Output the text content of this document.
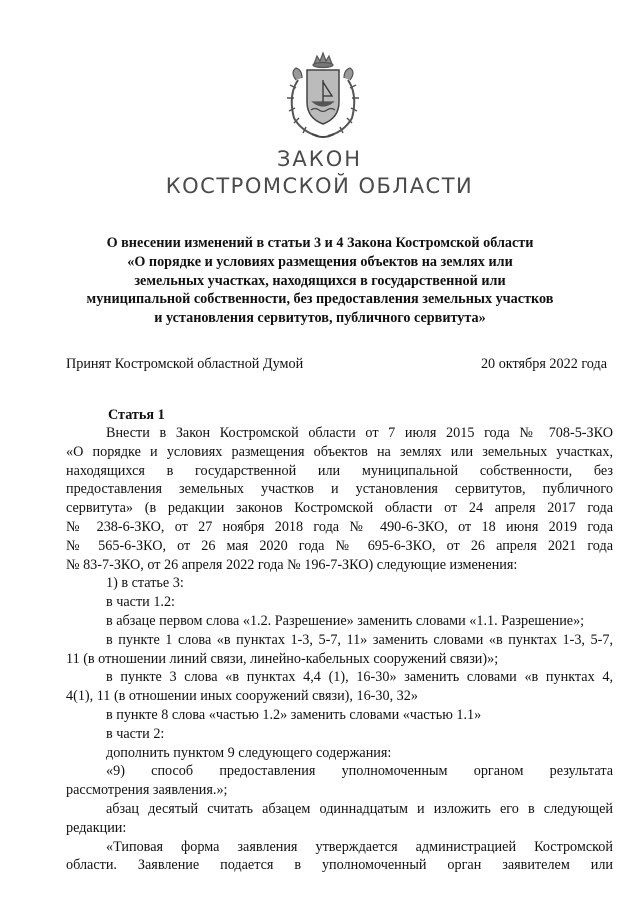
ЗАКОН
КОСТРОМСКОЙ ОБЛАСТИ
О внесении изменений в статьи 3 и 4 Закона Костромской области
«О порядке и условиях размещения объектов на землях или
земельных участках, находящихся в государственной или
муниципальной собственности, без предоставления земельных участков
и установления сервитутов, публичного сервитута»
Принят Костромской областной Думой	20 октября 2022 года
Статья 1
Внести в Закон Костромской области от 7 июля 2015 года № 708-5-ЗКО
«О порядке и условиях размещения объектов на землях или земельных участках,
находящихся в государственной или муниципальной собственности, без
предоставления земельных участков и установления сервитутов, публичного
сервитута» (в редакции законов Костромской области от 24 апреля 2017 года
№ 238-6-ЗКО, от 27 ноября 2018 года № 490-6-ЗКО, от 18 июня 2019 года
№ 565-6-ЗКО, от 26 мая 2020 года № 695-6-ЗКО, от 26 апреля 2021 года
№ 83-7-ЗКО, от 26 апреля 2022 года № 196-7-ЗКО) следующие изменения:
1) в статье 3:
в части 1.2:
в абзаце первом слова «1.2. Разрешение» заменить словами «1.1. Разрешение»;
в пункте 1 слова «в пунктах 1-3, 5-7, 11» заменить словами «в пунктах 1-3, 5-7,
11 (в отношении линий связи, линейно-кабельных сооружений связи)»;
в пункте 3 слова «в пунктах 4,4 (1), 16-30» заменить словами «в пунктах 4,
4(1), 11 (в отношении иных сооружений связи), 16-30, 32»
в пункте 8 слова «частью 1.2» заменить словами «частью 1.1»
в части 2:
дополнить пунктом 9 следующего содержания:
«9) способ предоставления уполномоченным органом результата
рассмотрения заявления.»;
абзац десятый считать абзацем одиннадцатым и изложить его в следующей
редакции:
«Типовая форма заявления утверждается администрацией Костромской
области. Заявление подается в уполномоченный орган заявителем или
